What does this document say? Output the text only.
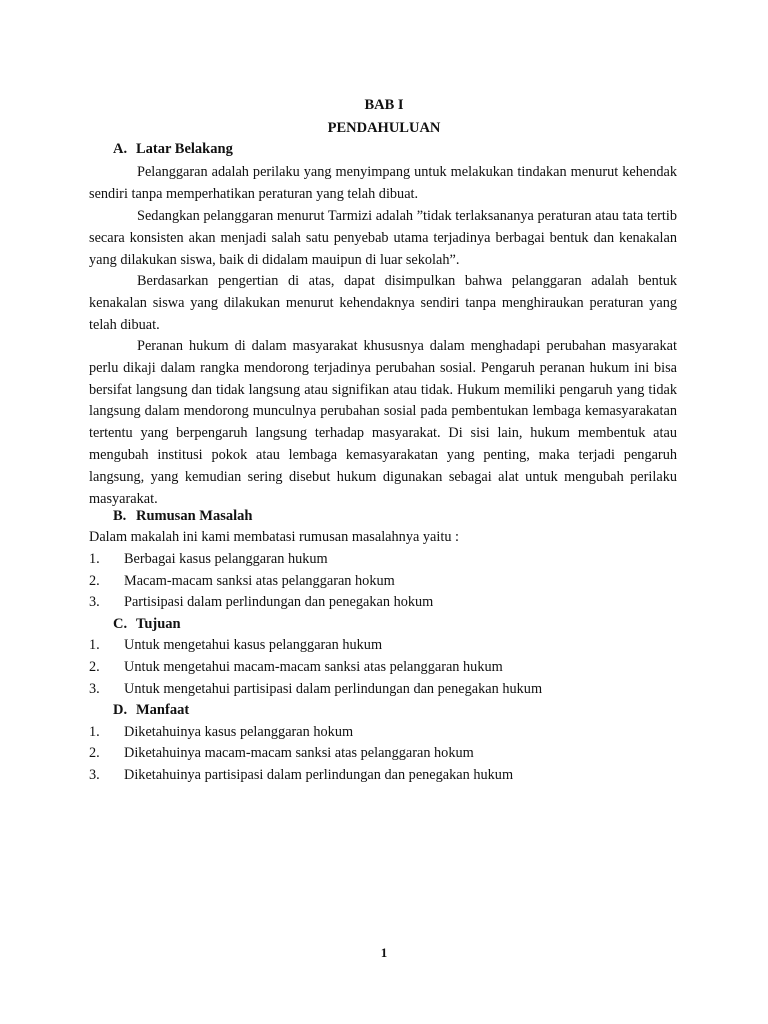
BAB I
PENDAHULUAN
A. Latar Belakang

Pelanggaran adalah perilaku yang menyimpang untuk melakukan tindakan menurut kehendak sendiri tanpa memperhatikan peraturan yang telah dibuat.

Sedangkan pelanggaran menurut Tarmizi adalah ”tidak terlaksananya peraturan atau tata tertib secara konsisten akan menjadi salah satu penyebab utama terjadinya berbagai bentuk dan kenakalan yang dilakukan siswa, baik di didalam mauipun di luar sekolah”.

Berdasarkan pengertian di atas, dapat disimpulkan bahwa pelanggaran adalah bentuk kenakalan siswa yang dilakukan menurut kehendaknya sendiri tanpa menghiraukan peraturan yang telah dibuat.

Peranan hukum di dalam masyarakat khususnya dalam menghadapi perubahan masyarakat perlu dikaji dalam rangka mendorong terjadinya perubahan sosial. Pengaruh peranan hukum ini bisa bersifat langsung dan tidak langsung atau signifikan atau tidak. Hukum memiliki pengaruh yang tidak langsung dalam mendorong munculnya perubahan sosial pada pembentukan lembaga kemasyarakatan tertentu yang berpengaruh langsung terhadap masyarakat. Di sisi lain, hukum membentuk atau mengubah institusi pokok atau lembaga kemasyarakatan yang penting, maka terjadi pengaruh langsung, yang kemudian sering disebut hukum digunakan sebagai alat untuk mengubah perilaku masyarakat.

B. Rumusan Masalah
Dalam makalah ini kami membatasi rumusan masalahnya yaitu :
1. Berbagai kasus pelanggaran hukum
2. Macam-macam sanksi atas pelanggaran hokum
3. Partisipasi dalam perlindungan dan penegakan hokum
C. Tujuan
1. Untuk mengetahui kasus pelanggaran hukum
2. Untuk mengetahui macam-macam sanksi atas pelanggaran hukum
3. Untuk mengetahui partisipasi dalam perlindungan dan penegakan hukum
D. Manfaat
1. Diketahuinya kasus pelanggaran hokum
2. Diketahuinya macam-macam sanksi atas pelanggaran hokum
3. Diketahuinya partisipasi dalam perlindungan dan penegakan hukum
1
